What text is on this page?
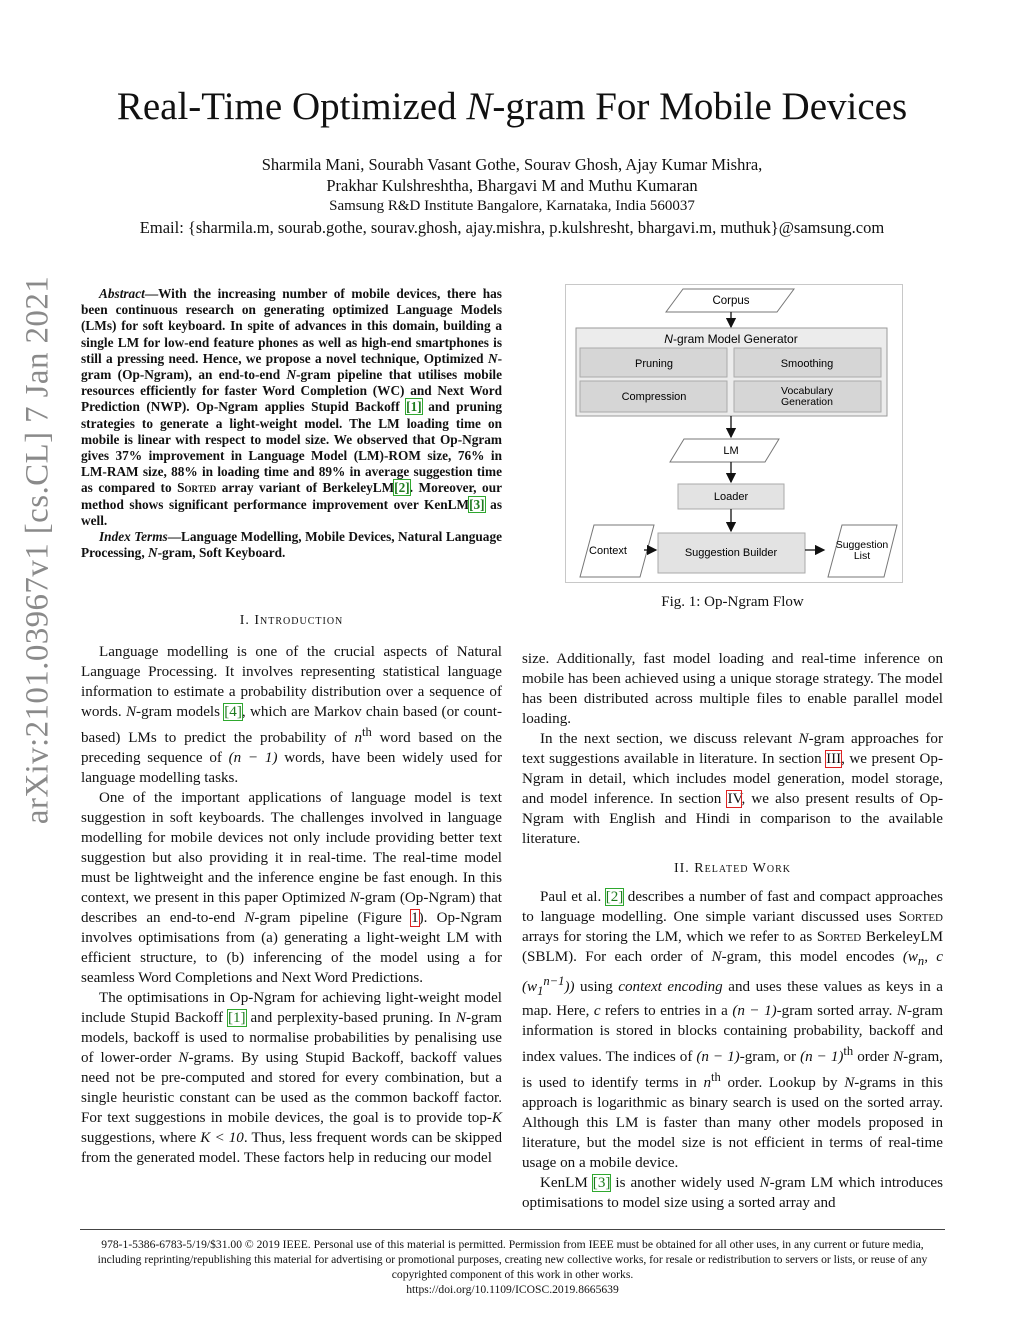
arXiv:2101.03967v1 [cs.CL] 7 Jan 2021
Real-Time Optimized N-gram For Mobile Devices
Sharmila Mani, Sourabh Vasant Gothe, Sourav Ghosh, Ajay Kumar Mishra,
Prakhar Kulshreshtha, Bhargavi M and Muthu Kumaran
Samsung R&D Institute Bangalore, Karnataka, India 560037
Email: {sharmila.m, sourab.gothe, sourav.ghosh, ajay.mishra, p.kulshresht, bhargavi.m, muthuk}@samsung.com

Abstract—With the increasing number of mobile devices, there has been continuous research on generating optimized Language Models (LMs) for soft keyboard. In spite of advances in this domain, building a single LM for low-end feature phones as well as high-end smartphones is still a pressing need. Hence, we propose a novel technique, Optimized N-gram (Op-Ngram), an end-to-end N-gram pipeline that utilises mobile resources efficiently for faster Word Completion (WC) and Next Word Prediction (NWP). Op-Ngram applies Stupid Backoff [1] and pruning strategies to generate a light-weight model. The LM loading time on mobile is linear with respect to model size. We observed that Op-Ngram gives 37% improvement in Language Model (LM)-ROM size, 76% in LM-RAM size, 88% in loading time and 89% in average suggestion time as compared to Sorted array variant of BerkeleyLM[2]. Moreover, our method shows significant performance improvement over KenLM[3] as well.

Index Terms—Language Modelling, Mobile Devices, Natural Language Processing, N-gram, Soft Keyboard.

I. Introduction

Language modelling is one of the crucial aspects of Natural Language Processing. It involves representing statistical language information to estimate a probability distribution over a sequence of words. N-gram models [4], which are Markov chain based (or count-based) LMs to predict the probability of $n^{th}$ word based on the preceding sequence of (n − 1) words, have been widely used for language modelling tasks.

One of the important applications of language model is text suggestion in soft keyboards. The challenges involved in language modelling for mobile devices not only include providing better text suggestion but also providing it in real-time. The real-time model must be lightweight and the inference engine be fast enough. In this context, we present in this paper Optimized N-gram (Op-Ngram) that describes an end-to-end N-gram pipeline (Figure 1). Op-Ngram involves optimisations from (a) generating a light-weight LM with efficient structure, to (b) inferencing of the model using a for seamless Word Completions and Next Word Predictions.

The optimisations in Op-Ngram for achieving light-weight model include Stupid Backoff [1] and perplexity-based pruning. In N-gram models, backoff is used to normalise probabilities by penalising use of lower-order N-grams. By using Stupid Backoff, backoff values need not be pre-computed and stored for every combination, but a single heuristic constant can be used as the common backoff factor. For text suggestions in mobile devices, the goal is to provide top-K suggestions, where K < 10. Thus, less frequent words can be skipped from the generated model. These factors help in reducing our model

Corpus
N-gram Model Generator
Pruning	Smoothing
Compression	Vocabulary
Generation
LM
Loader
Context	Suggestion Builder
Suggestion
List
Fig. 1: Op-Ngram Flow

size. Additionally, fast model loading and real-time inference on mobile has been achieved using a unique storage strategy. The model has been distributed across multiple files to enable parallel model loading.

In the next section, we discuss relevant N-gram approaches for text suggestions available in literature. In section III, we present Op-Ngram in detail, which includes model generation, model storage, and model inference. In section IV, we also present results of Op-Ngram with English and Hindi in comparison to the available literature.

II. Related Work

Paul et al. [2] describes a number of fast and compact approaches to language modelling. One simple variant discussed uses Sorted arrays for storing the LM, which we refer to as Sorted BerkeleyLM (SBLM). For each order of N-gram, this model encodes ($w_n$, c $(w_1^{n-1})$) using context encoding and uses these values as keys in a map. Here, c refers to entries in a (n − 1)-gram sorted array. N-gram information is stored in blocks containing probability, backoff and index values. The indices of (n − 1)-gram, or $(n - 1)^{th}$ order N-gram, is used to identify terms in $n^{th}$ order. Lookup by N-grams in this approach is logarithmic as binary search is used on the sorted array. Although this LM is faster than many other models proposed in literature, but the model size is not efficient in terms of real-time usage on a mobile device.

KenLM [3] is another widely used N-gram LM which introduces optimisations to model size using a sorted array and

978-1-5386-6783-5/19/$31.00 © 2019 IEEE. Personal use of this material is permitted. Permission from IEEE must be obtained for all other uses, in any current or future media, including reprinting/republishing this material for advertising or promotional purposes, creating new collective works, for resale or redistribution to servers or lists, or reuse of any copyrighted component of this work in other works.
https://doi.org/10.1109/ICOSC.2019.8665639
